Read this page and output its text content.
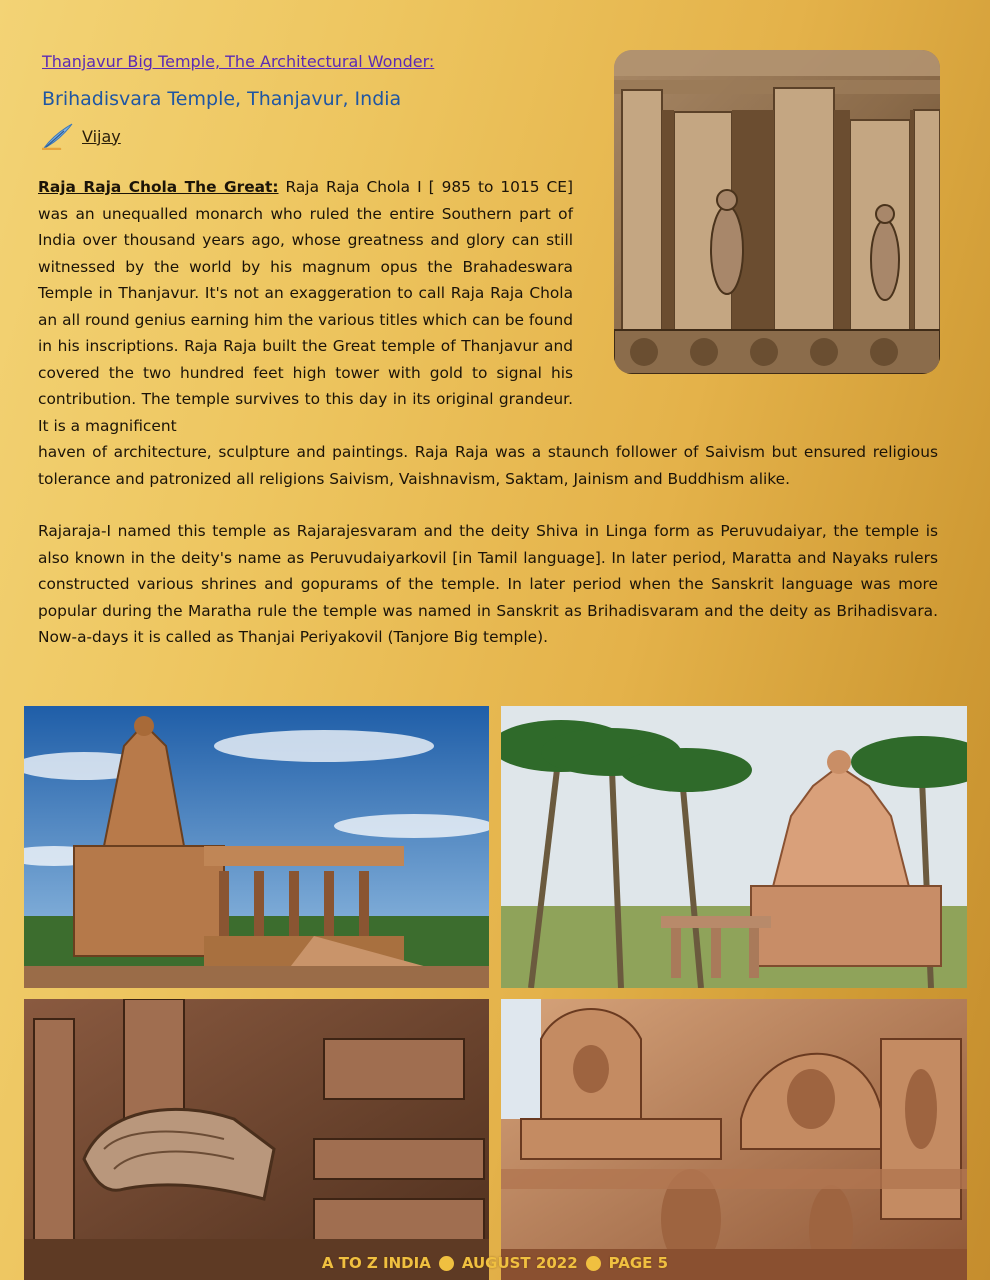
Thanjavur Big Temple, The Architectural Wonder:
Brihadisvara Temple, Thanjavur, India
Vijay

Raja Raja Chola The Great: Raja Raja Chola I [ 985 to 1015 CE] was an unequalled monarch who ruled the entire Southern part of India over thousand years ago, whose greatness and glory can still witnessed by the world by his magnum opus the Brahadeswara Temple in Thanjavur. It's not an exaggeration to call Raja Raja Chola an all round genius earning him the various titles which can be found in his inscriptions. Raja Raja built the Great temple of Thanjavur and covered the two hundred feet high tower with gold to signal his contribution. The temple survives to this day in its original grandeur. It is a magnificent

haven of architecture, sculpture and paintings. Raja Raja was a staunch follower of Saivism but ensured religious tolerance and patronized all religions Saivism, Vaishnavism, Saktam, Jainism and Buddhism alike.

Rajaraja-I named this temple as Rajarajesvaram and the deity Shiva in Linga form as Peruvudaiyar, the temple is also known in the deity's name as Peruvudaiyarkovil [in Tamil language]. In later period, Maratta and Nayaks rulers constructed various shrines and gopurams of the temple. In later period when the Sanskrit language was more popular during the Maratha rule the temple was named in Sanskrit as Brihadisvaram and the deity as Brihadisvara. Now-a-days it is called as Thanjai Periyakovil (Tanjore Big temple).

A TO Z INDIA AUGUST 2022 PAGE 5
